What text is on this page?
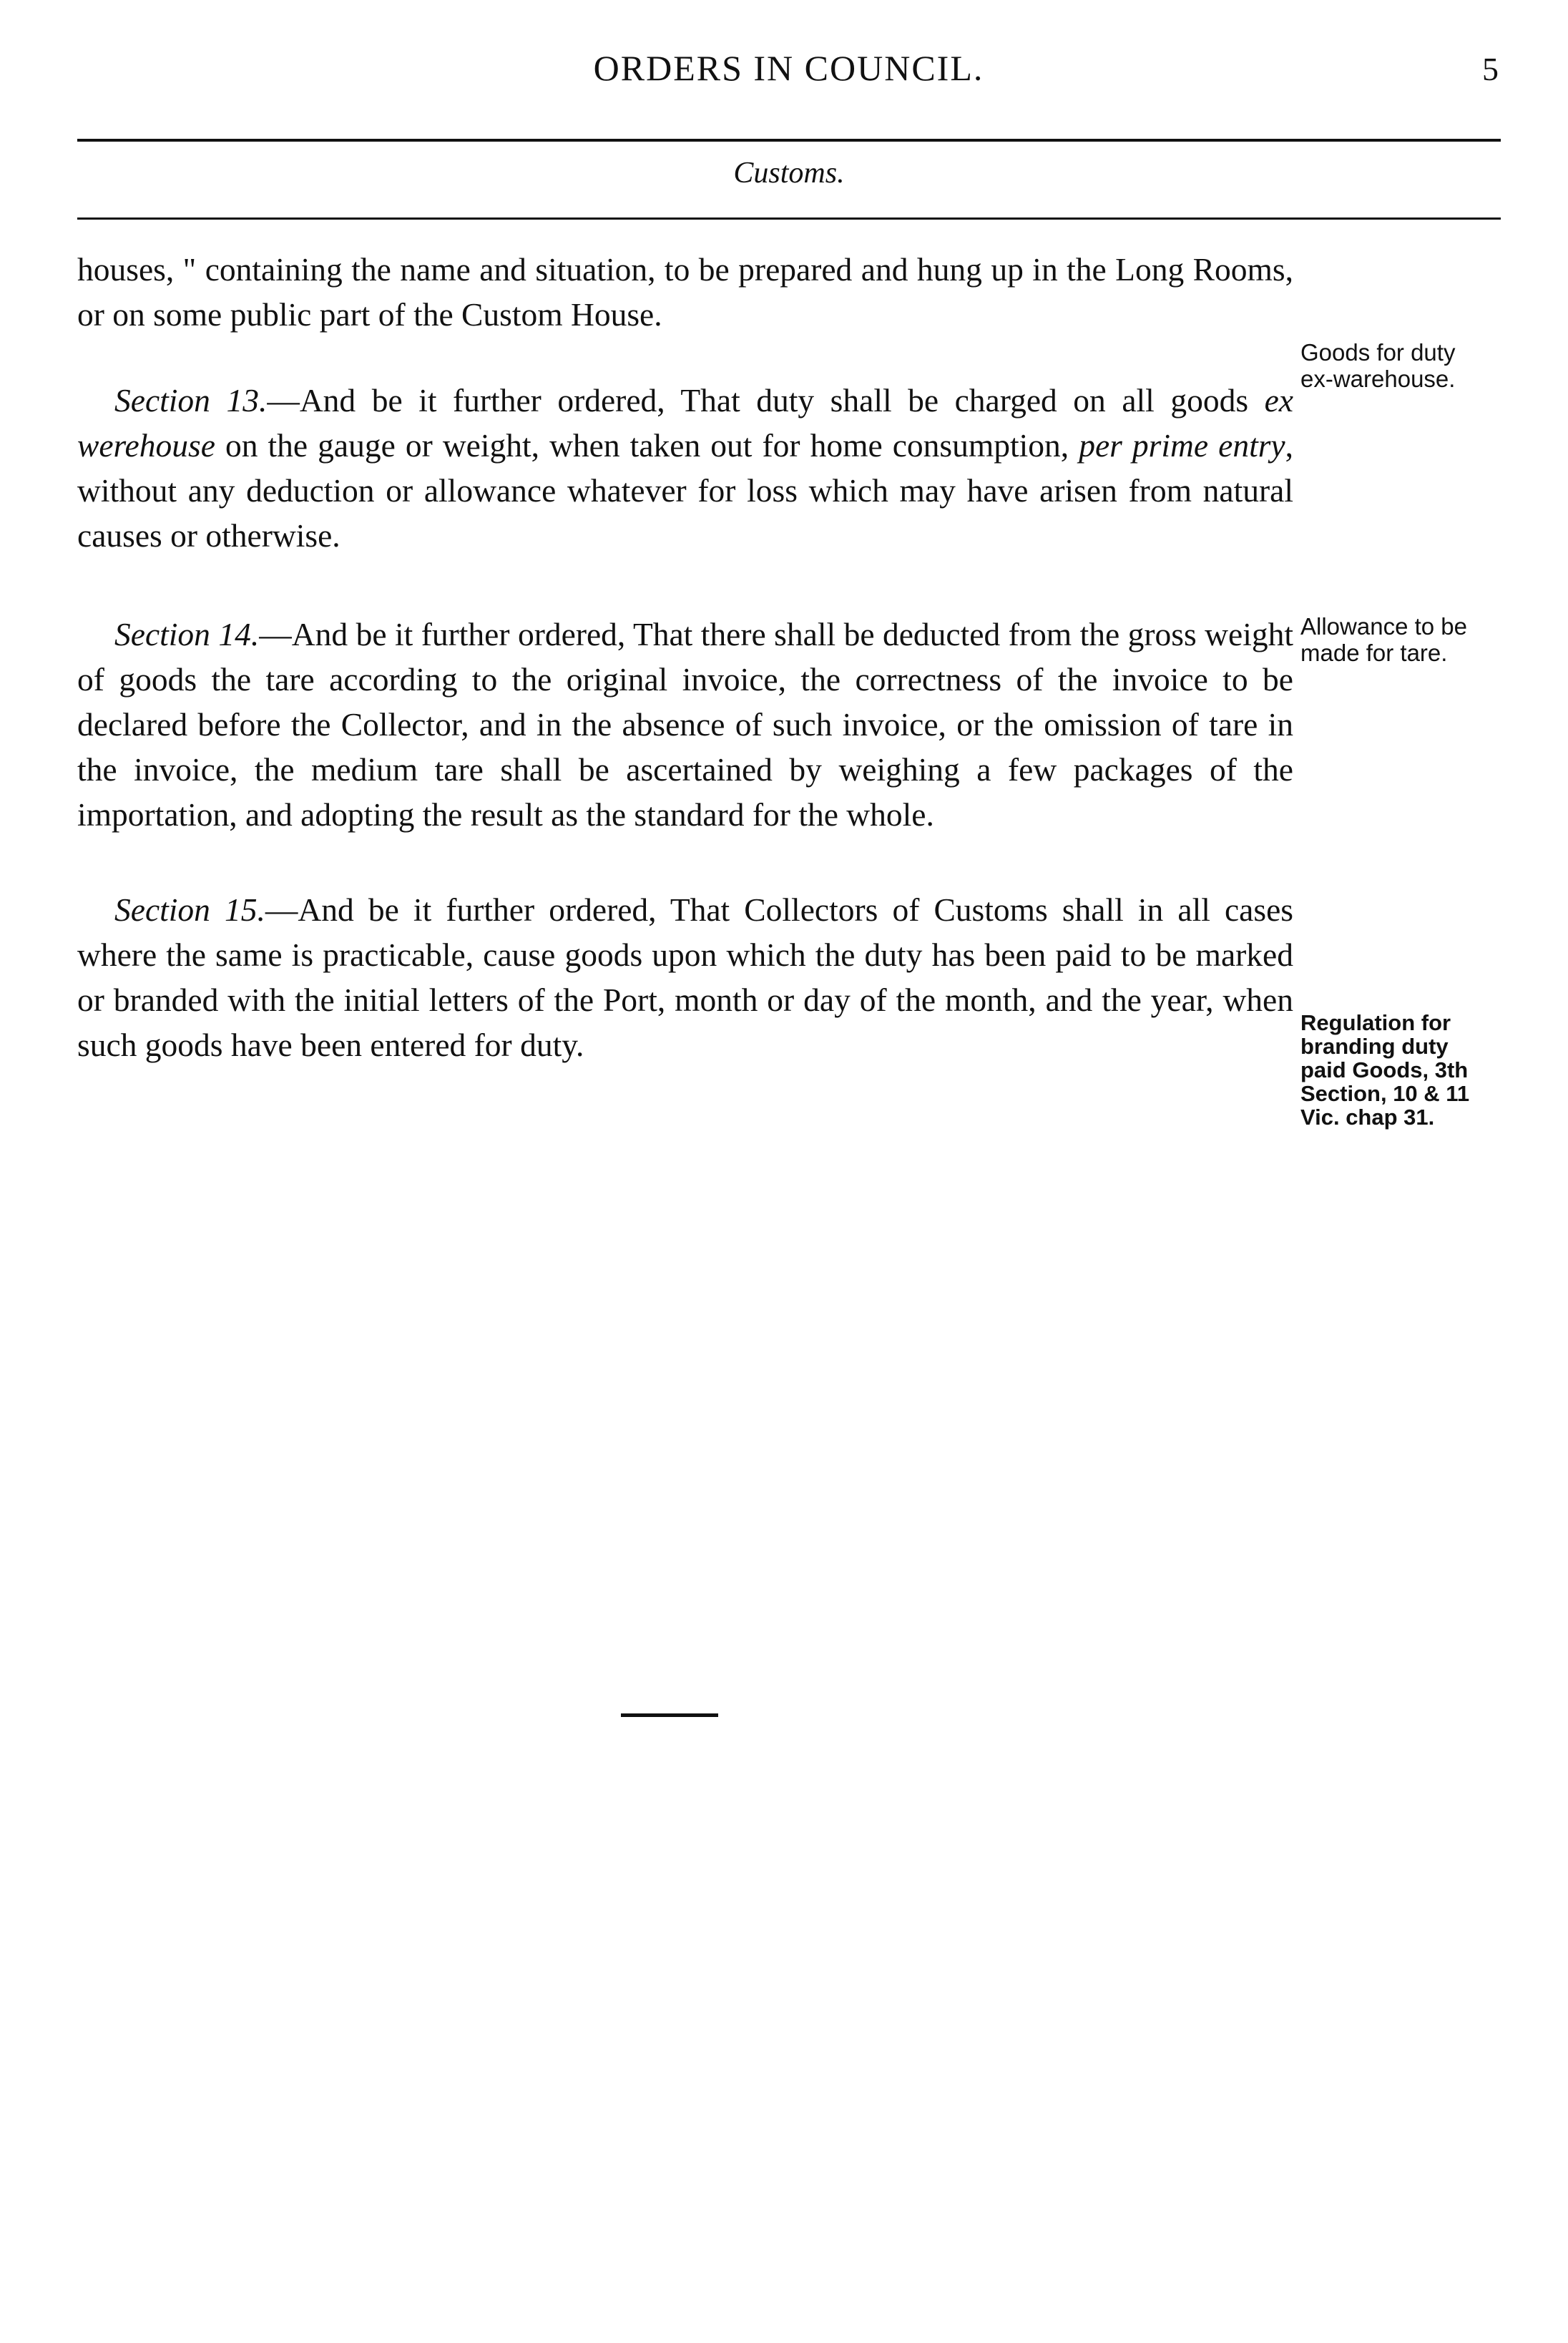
ORDERS IN COUNCIL.	5
Customs.

houses, " containing the name and situation, to be prepared and hung up in the Long Rooms, or on some public part of the Custom House.

Section 13.—And be it further ordered, That duty shall be charged on all goods ex werehouse on the gauge or weight, when taken out for home consumption, per prime entry, without any deduction or allowance whatever for loss which may have arisen from natural causes or otherwise.

Section 14.—And be it further ordered, That there shall be deducted from the gross weight of goods the tare according to the original invoice, the correctness of the invoice to be declared before the Collector, and in the absence of such invoice, or the omission of tare in the invoice, the medium tare shall be ascertained by weighing a few packages of the importation, and adopting the result as the standard for the whole.

Section 15.—And be it further ordered, That Collectors of Customs shall in all cases where the same is practicable, cause goods upon which the duty has been paid to be marked or branded with the initial letters of the Port, month or day of the month, and the year, when such goods have been entered for duty.

Goods for duty ex-warehouse.
Allowance to be made for tare.
Regulation for branding duty paid Goods, 3th Section, 10 & 11 Vic. chap 31.
